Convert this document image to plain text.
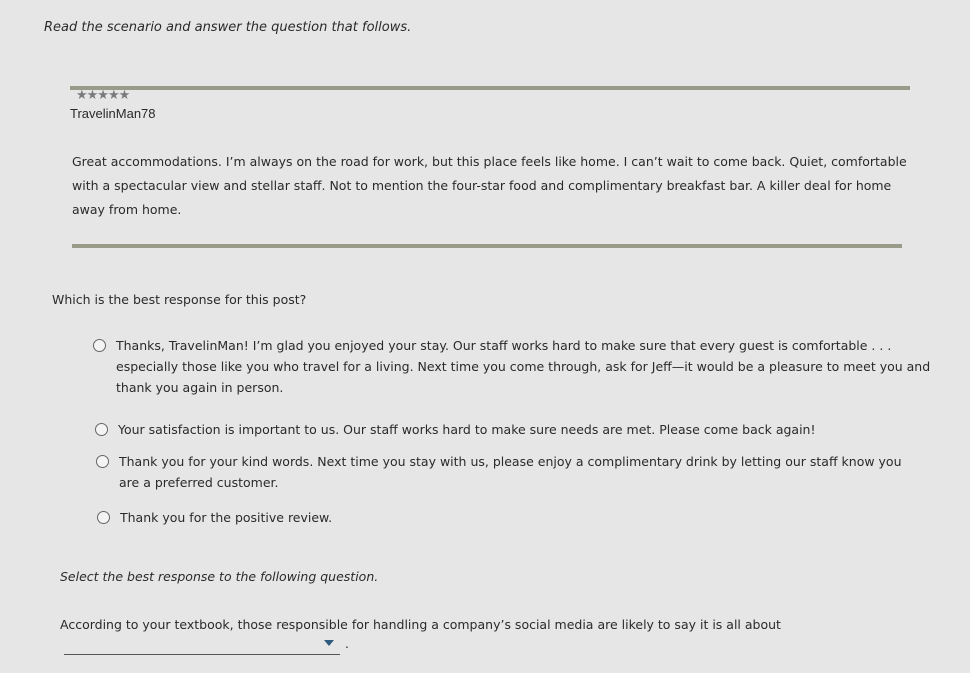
Read the scenario and answer the question that follows.
★★★★★
TravelinMan78
Great accommodations. I’m always on the road for work, but this place feels like home. I can’t wait to come back. Quiet, comfortable with a spectacular view and stellar staff. Not to mention the four-star food and complimentary breakfast bar. A killer deal for home away from home.
Which is the best response for this post?
Thanks, TravelinMan! I’m glad you enjoyed your stay. Our staff works hard to make sure that every guest is comfortable . . . especially those like you who travel for a living. Next time you come through, ask for Jeff—it would be a pleasure to meet you and thank you again in person.
Your satisfaction is important to us. Our staff works hard to make sure needs are met. Please come back again!
Thank you for your kind words. Next time you stay with us, please enjoy a complimentary drink by letting our staff know you are a preferred customer.
Thank you for the positive review.
Select the best response to the following question.
According to your textbook, those responsible for handling a company’s social media are likely to say it is all about
.
